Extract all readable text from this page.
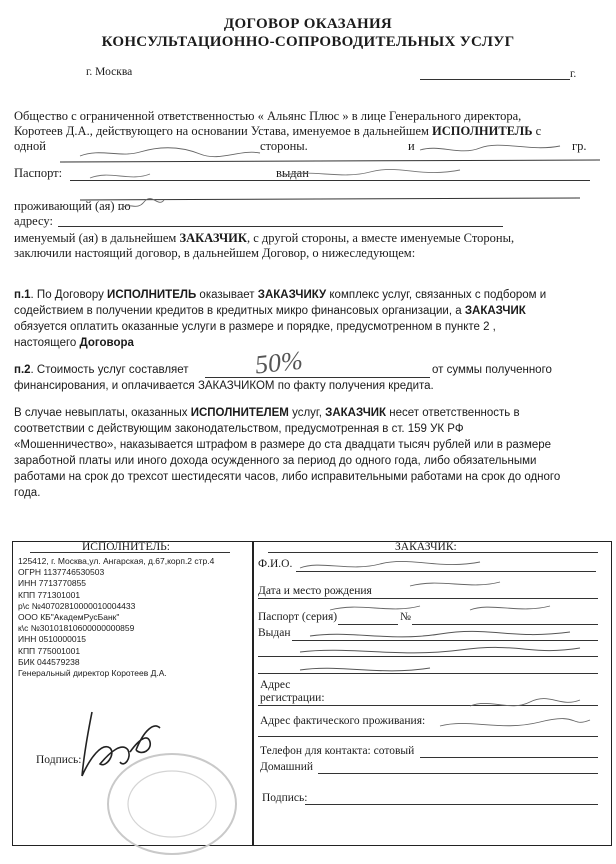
ДОГОВОР ОКАЗАНИЯ
КОНСУЛЬТАЦИОННО-СОПРОВОДИТЕЛЬНЫХ УСЛУГ
г. Москва	г.
Общество с ограниченной ответственностью « Альянс Плюс » в лице Генерального директора,
Коротеев Д.А., действующего на основании Устава, именуемое в дальнейшем ИСПОЛНИТЕЛЬ с
одной	стороны.	и	гр.
Паспорт:	выдан
проживающий (ая) по
адресу:
именуемый (ая) в дальнейшем ЗАКАЗЧИК, с другой стороны, а вместе именуемые Стороны,
заключили настоящий договор, в дальнейшем Договор, о нижеследующем:
п.1. По Договору ИСПОЛНИТЕЛЬ оказывает ЗАКАЗЧИКУ комплекс услуг, связанных с подбором и
содействием в получении кредитов в кредитных микро финансовых организации, а ЗАКАЗЧИК
обязуется оплатить оказанные услуги в размере и порядке, предусмотренном в пункте 2 ,
настоящего Договора
п.2. Стоимость услуг составляет	50%	от суммы полученного
финансирования, и оплачивается ЗАКАЗЧИКОМ по факту получения кредита.
В случае невыплаты, оказанных ИСПОЛНИТЕЛЕМ услуг, ЗАКАЗЧИК несет ответственность в
соответствии с действующим законодательством, предусмотренная в ст. 159 УК РФ
«Мошенничество», наказывается штрафом в размере до ста двадцати тысяч рублей или в размере
заработной платы или иного дохода осужденного за период до одного года, либо обязательными
работами на срок до трехсот шестидесяти часов, либо исправительными работами на срок до одного
года.
ИСПОЛНИТЕЛЬ:
125412, г. Москва,ул. Ангарская, д.67,корп.2 стр.4
ОГРН 1137746530503
ИНН 7713770855
КПП 771301001
р\с №40702810000010004433
ООО КБ"АкадемРусБанк"
к\с №30101810600000000859
ИНН 0510000015
КПП 775001001
БИК 044579238
Генеральный директор Коротеев Д.А.
Подпись:
ЗАКАЗЧИК:
Ф.И.О.
Дата и место рождения
Паспорт (серия)	№
Выдан
Адрес
регистрации:
Адрес фактического проживания:
Телефон для контакта: сотовый
Домашний
Подпись:
